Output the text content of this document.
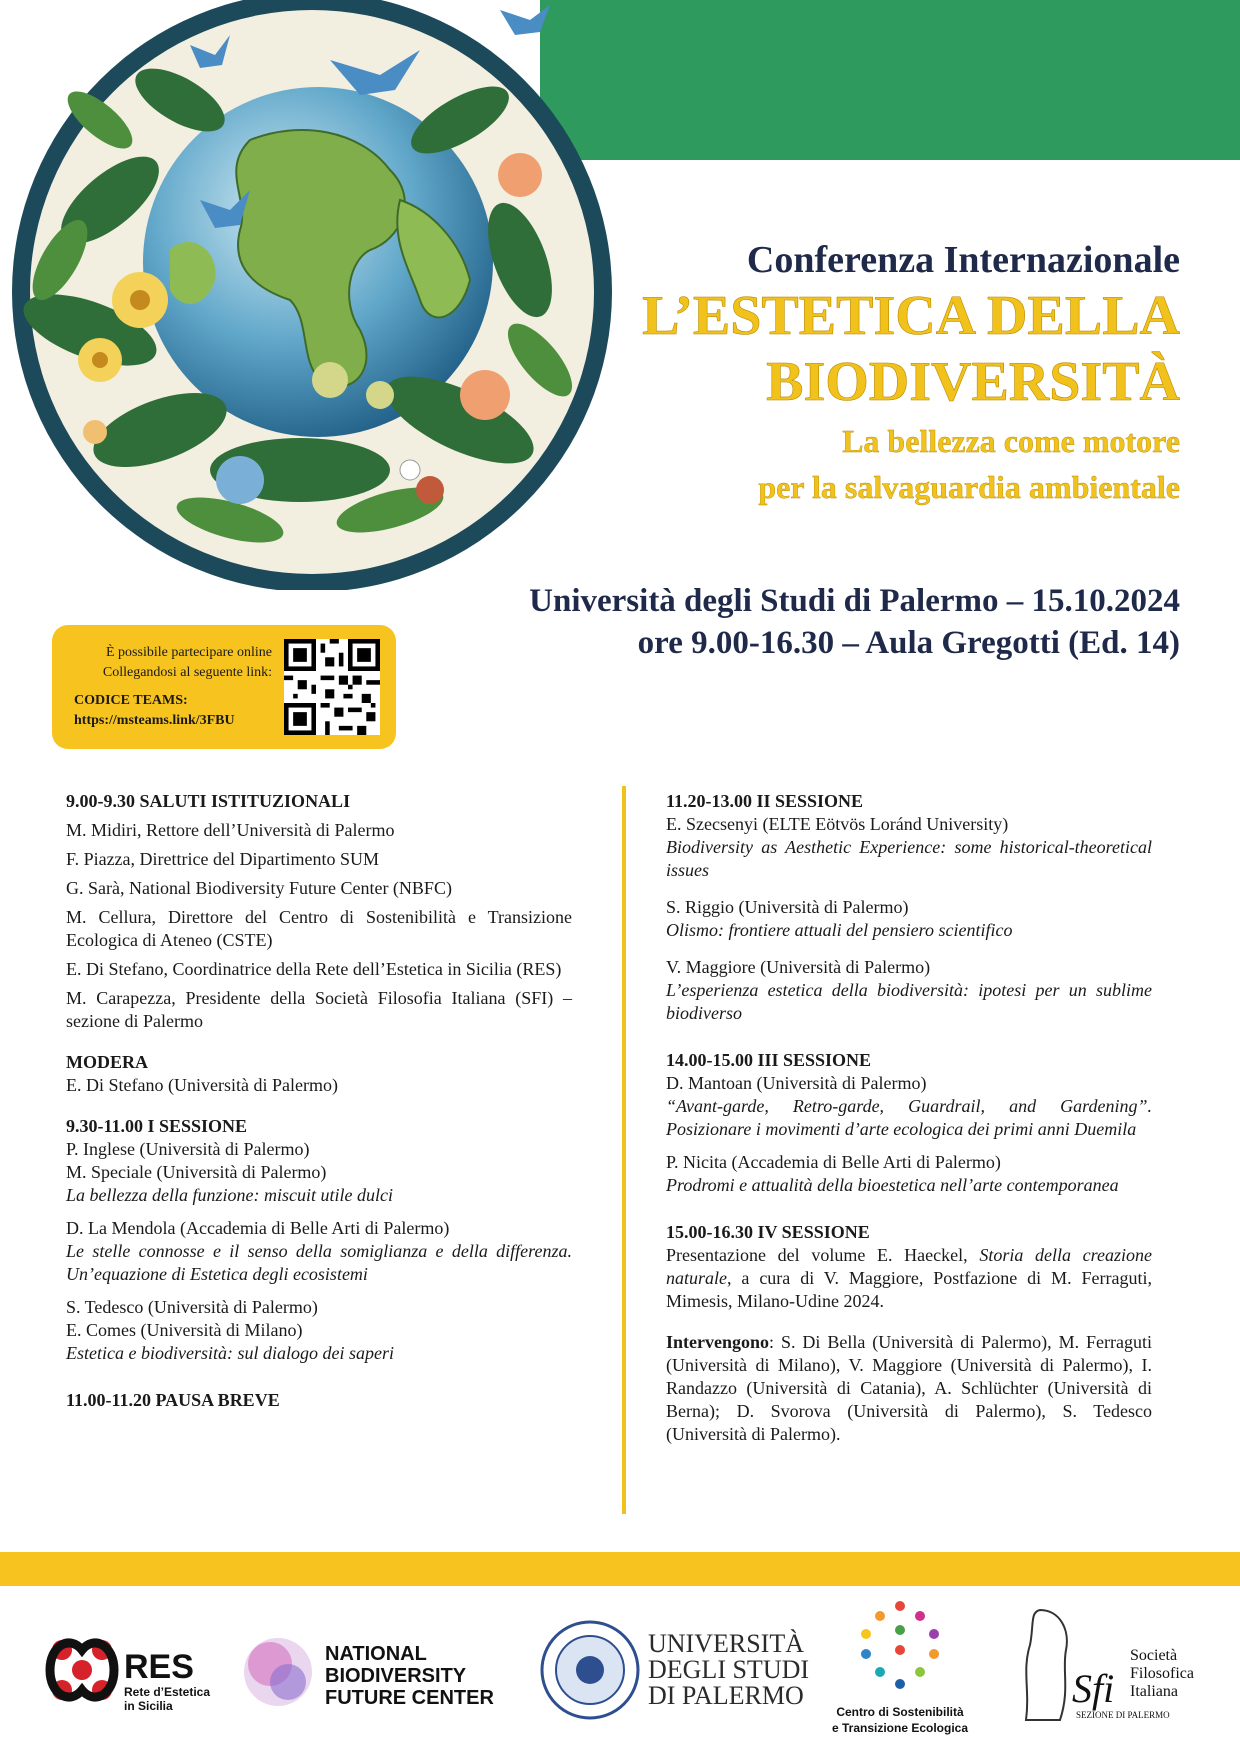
Conferenza Internazionale
L’ESTETICA DELLA
BIODIVERSITÀ
La bellezza come motore
per la salvaguardia ambientale
Università degli Studi di Palermo – 15.10.2024
ore 9.00-16.30 – Aula Gregotti (Ed. 14)
È possibile partecipare online
Collegandosi al seguente link:
CODICE TEAMS:
https://msteams.link/3FBU
9.00-9.30 SALUTI ISTITUZIONALI
M. Midiri, Rettore dell’Università di Palermo
F. Piazza, Direttrice del Dipartimento SUM
G. Sarà, National Biodiversity Future Center (NBFC)
M. Cellura, Direttore del Centro di Sostenibilità e Transizione Ecologica di Ateneo (CSTE)
E. Di Stefano, Coordinatrice della Rete dell’Estetica in Sicilia (RES)
M. Carapezza, Presidente della Società Filosofia Italiana (SFI) – sezione di Palermo
MODERA
E. Di Stefano (Università di Palermo)
9.30-11.00 I SESSIONE
P. Inglese (Università di Palermo)
M. Speciale (Università di Palermo)
La bellezza della funzione: miscuit utile dulci
D. La Mendola (Accademia di Belle Arti di Palermo)
Le stelle connosse e il senso della somiglianza e della differenza. Un’equazione di Estetica degli ecosistemi
S. Tedesco (Università di Palermo)
E. Comes (Università di Milano)
Estetica e biodiversità: sul dialogo dei saperi
11.00-11.20 PAUSA BREVE
11.20-13.00 II SESSIONE
E. Szecsenyi (ELTE Eötvös Loránd University)
Biodiversity as Aesthetic Experience: some historical-theoretical issues
S. Riggio (Università di Palermo)
Olismo: frontiere attuali del pensiero scientifico
V. Maggiore (Università di Palermo)
L’esperienza estetica della biodiversità: ipotesi per un sublime biodiverso
14.00-15.00 III SESSIONE
D. Mantoan (Università di Palermo)
“Avant-garde, Retro-garde, Guardrail, and Gardening”. Posizionare i movimenti d’arte ecologica dei primi anni Duemila
P. Nicita (Accademia di Belle Arti di Palermo)
Prodromi e attualità della bioestetica nell’arte contemporanea
15.00-16.30 IV SESSIONE
Presentazione del volume E. Haeckel, Storia della creazione naturale, a cura di V. Maggiore, Postfazione di M. Ferraguti, Mimesis, Milano-Udine 2024.
Intervengono: S. Di Bella (Università di Palermo), M. Ferraguti (Università di Milano), V. Maggiore (Università di Palermo), I. Randazzo (Università di Catania), A. Schlüchter (Università di Berna); D. Svorova (Università di Palermo), S. Tedesco (Università di Palermo).
RES
Rete d’Estetica
in Sicilia
NATIONAL
BIODIVERSITY
FUTURE CENTER
UNIVERSITÀ
DEGLI STUDI
DI PALERMO
Centro di Sostenibilità
e Transizione Ecologica
Sfi
Società
Filosofica
Italiana
SEZIONE DI PALERMO
